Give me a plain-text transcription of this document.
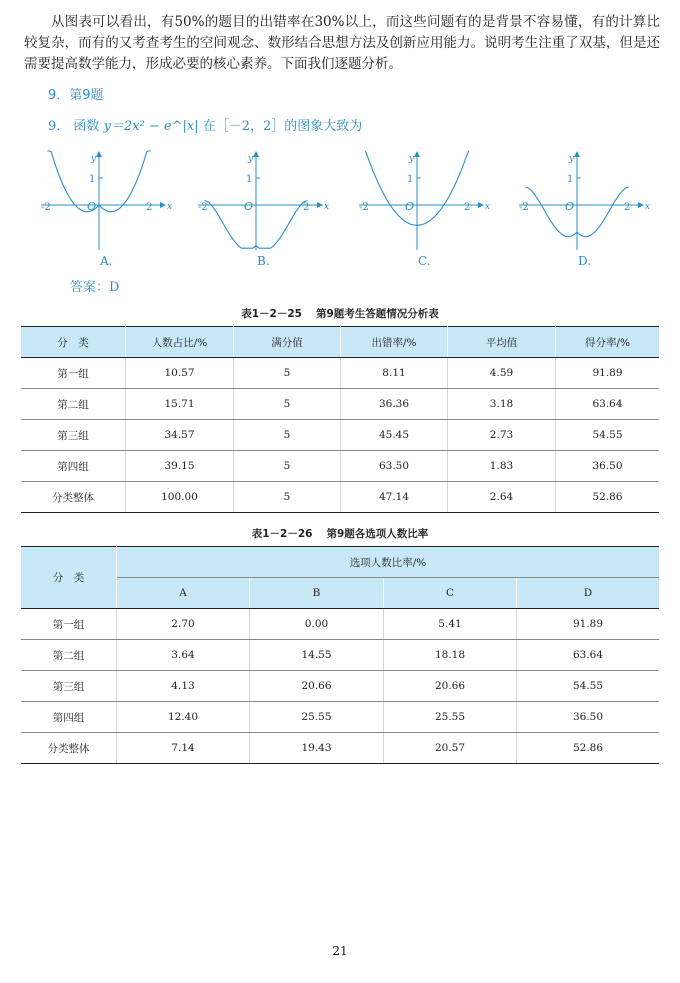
从图表可以看出，有50%的题目的出错率在30%以上，而这些问题有的是背景不容易懂，有的计算比较复杂，而有的又考查考生的空间观念、数形结合思想方法及创新应用能力。说明考生注重了双基，但是还需要提高数学能力，形成必要的核心素养。下面我们逐题分析。

9．第9题
9． 函数 y＝2x² − e^|x| 在［－2，2］的图象大致为
y
x
1
O
-2	2
y
x
1
O
-2	2
y
x
1
O
-2	2
y
x
1
O
-2	2
A.	B.	C.	D.
答案：D
表1－2－25 第9题考生答题情况分析表
分　类	人数占比/%	满分值	出错率/%	平均值	得分率/%
第一组	10.57	5	8.11	4.59	91.89
第二组	15.71	5	36.36	3.18	63.64
第三组	34.57	5	45.45	2.73	54.55
第四组	39.15	5	63.50	1.83	36.50
分类整体	100.00	5	47.14	2.64	52.86
表1－2－26 第9题各选项人数比率
分　类	选项人数比率/%			
	A	B	C	D
第一组	2.70	0.00	5.41	91.89
第二组	3.64	14.55	18.18	63.64
第三组	4.13	20.66	20.66	54.55
第四组	12.40	25.55	25.55	36.50
分类整体	7.14	19.43	20.57	52.86
21
